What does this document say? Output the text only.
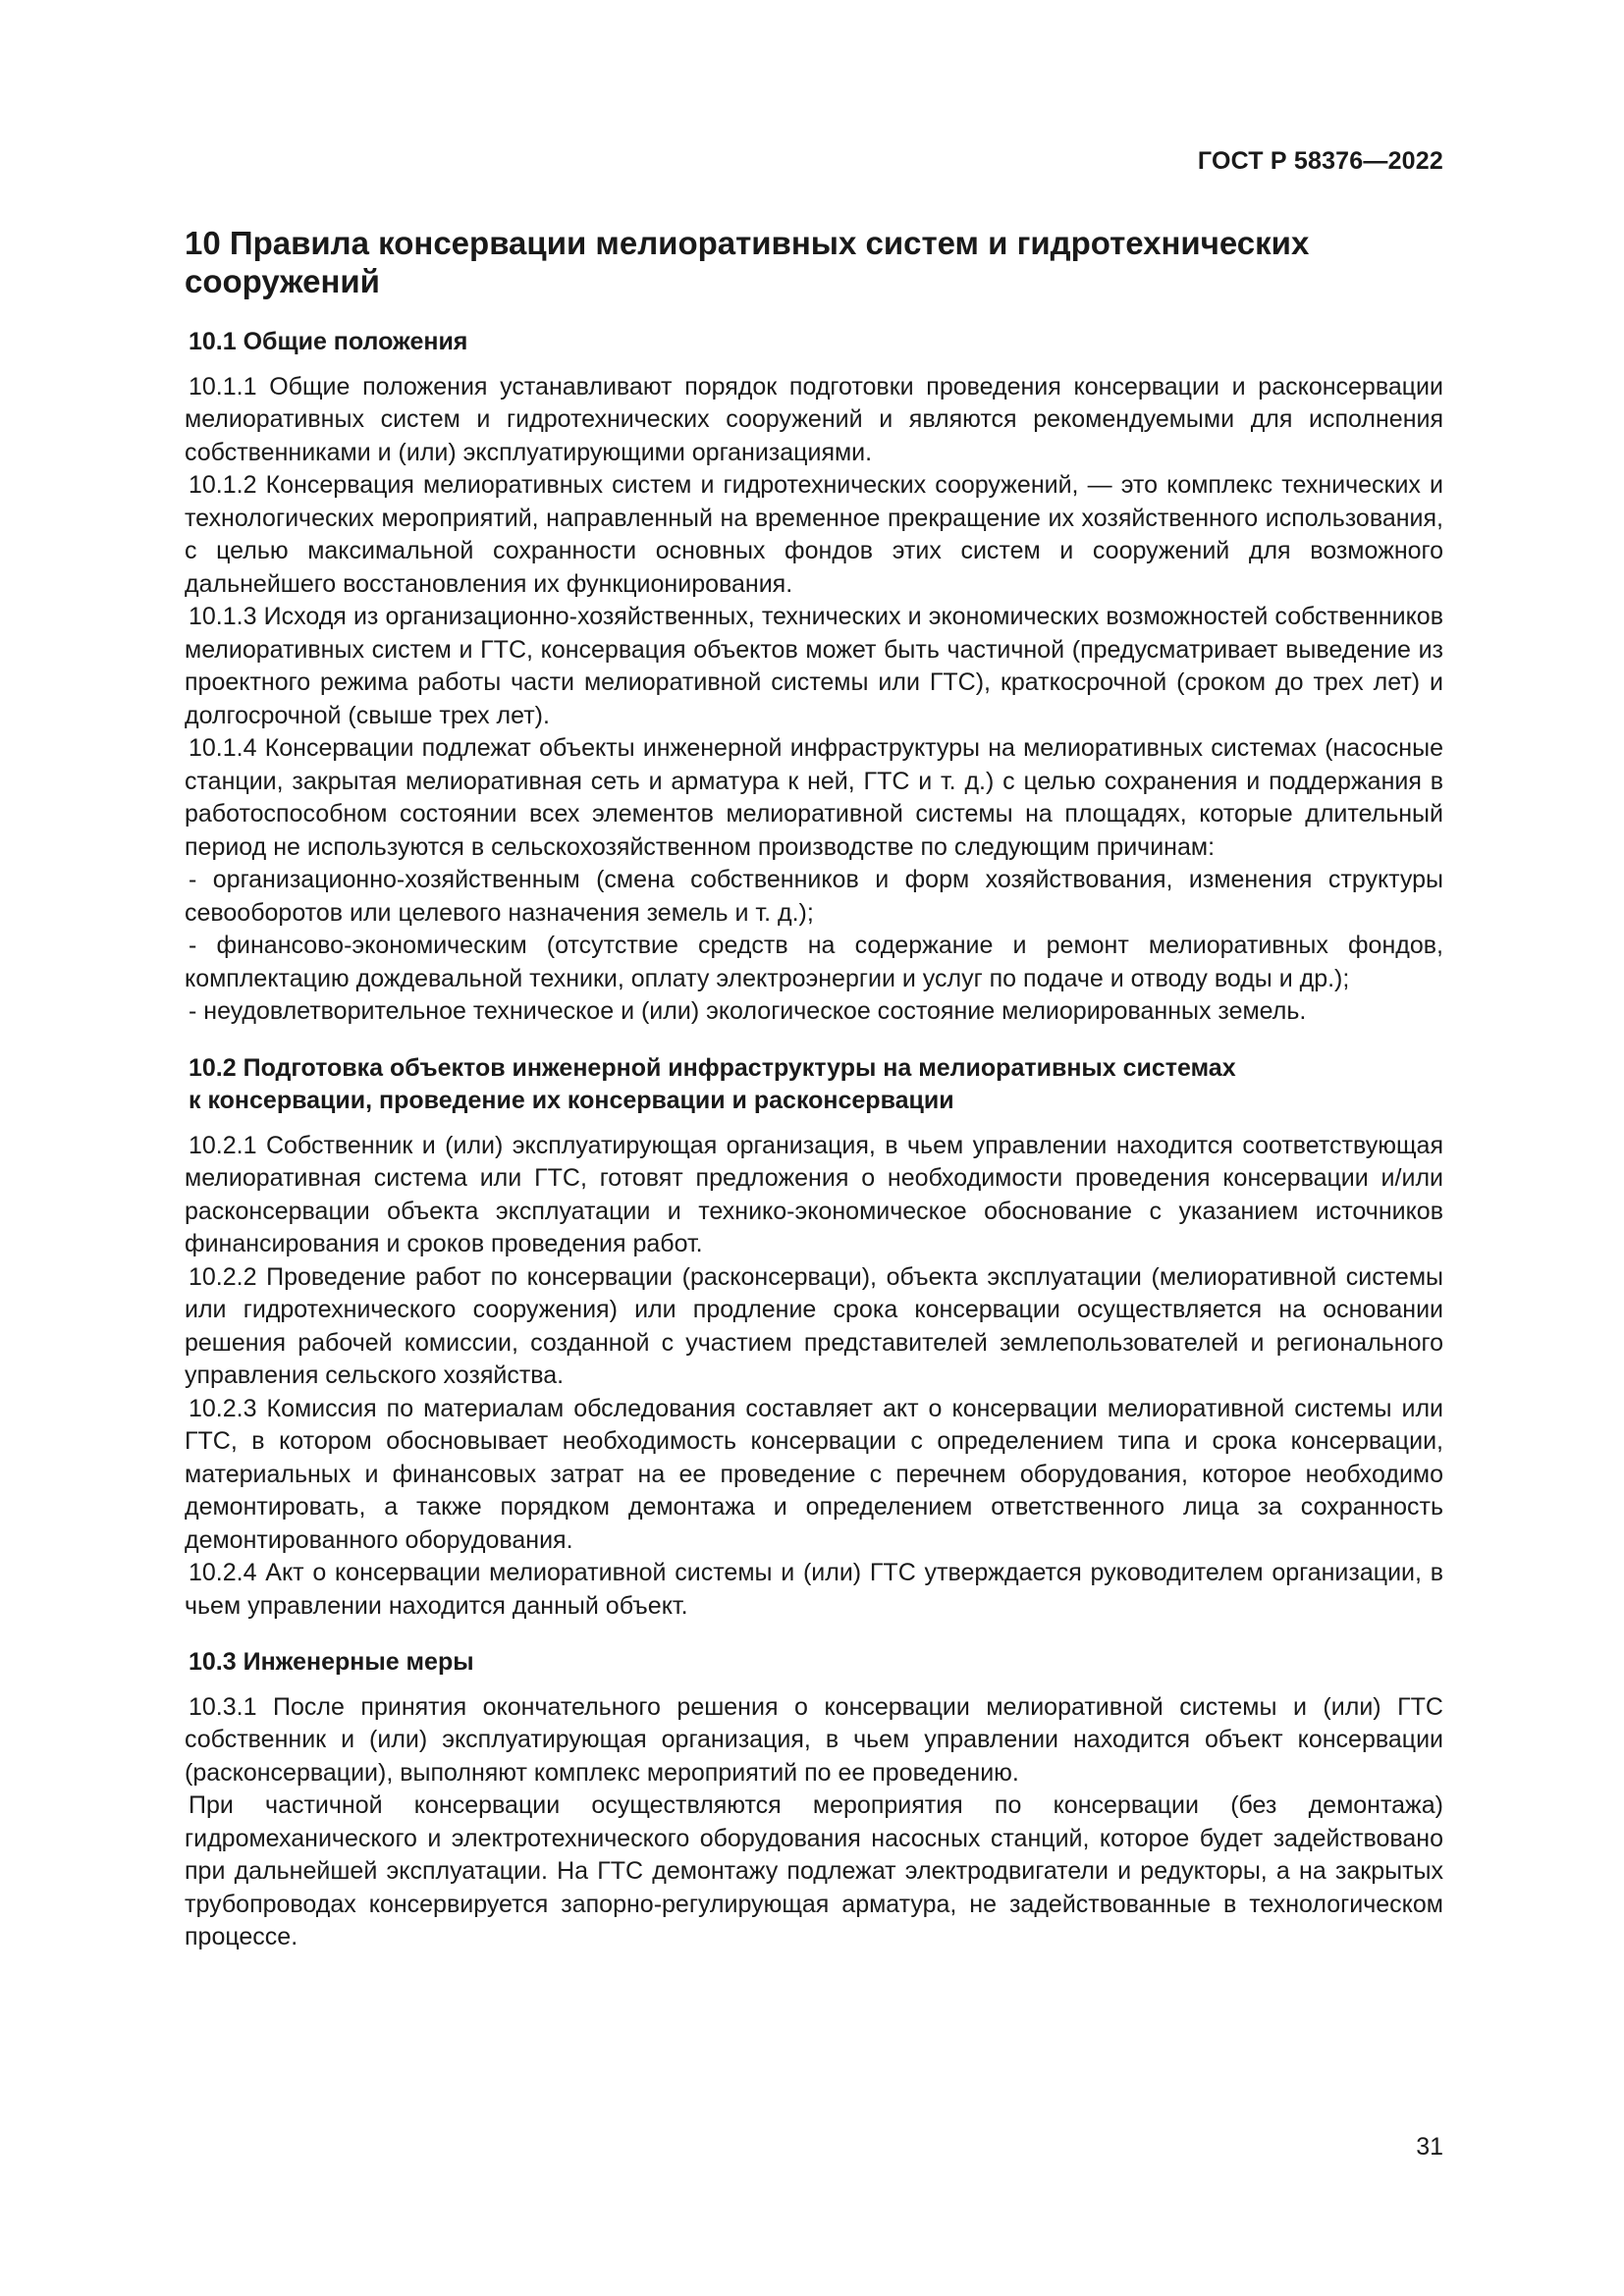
ГОСТ Р 58376—2022
10 Правила консервации мелиоративных систем и гидротехнических сооружений
10.1 Общие положения

10.1.1 Общие положения устанавливают порядок подготовки проведения консервации и расконсервации мелиоративных систем и гидротехнических сооружений и являются рекомендуемыми для исполнения собственниками и (или) эксплуатирующими организациями.

10.1.2 Консервация мелиоративных систем и гидротехнических сооружений, — это комплекс технических и технологических мероприятий, направленный на временное прекращение их хозяйственного использования, с целью максимальной сохранности основных фондов этих систем и сооружений для возможного дальнейшего восстановления их функционирования.

10.1.3 Исходя из организационно-хозяйственных, технических и экономических возможностей собственников мелиоративных систем и ГТС, консервация объектов может быть частичной (предусматривает выведение из проектного режима работы части мелиоративной системы или ГТС), краткосрочной (сроком до трех лет) и долгосрочной (свыше трех лет).

10.1.4 Консервации подлежат объекты инженерной инфраструктуры на мелиоративных системах (насосные станции, закрытая мелиоративная сеть и арматура к ней, ГТС и т. д.) с целью сохранения и поддержания в работоспособном состоянии всех элементов мелиоративной системы на площадях, которые длительный период не используются в сельскохозяйственном производстве по следующим причинам:

- организационно-хозяйственным (смена собственников и форм хозяйствования, изменения структуры севооборотов или целевого назначения земель и т. д.);

- финансово-экономическим (отсутствие средств на содержание и ремонт мелиоративных фондов, комплектацию дождевальной техники, оплату электроэнергии и услуг по подаче и отводу воды и др.);

- неудовлетворительное техническое и (или) экологическое состояние мелиорированных земель.

10.2 Подготовка объектов инженерной инфраструктуры на мелиоративных системах
к консервации, проведение их консервации и расконсервации

10.2.1 Собственник и (или) эксплуатирующая организация, в чьем управлении находится соответствующая мелиоративная система или ГТС, готовят предложения о необходимости проведения консервации и/или расконсервации объекта эксплуатации и технико-экономическое обоснование с указанием источников финансирования и сроков проведения работ.

10.2.2 Проведение работ по консервации (расконсерваци), объекта эксплуатации (мелиоративной системы или гидротехнического сооружения) или продление срока консервации осуществляется на основании решения рабочей комиссии, созданной с участием представителей землепользователей и регионального управления сельского хозяйства.

10.2.3 Комиссия по материалам обследования составляет акт о консервации мелиоративной системы или ГТС, в котором обосновывает необходимость консервации с определением типа и срока консервации, материальных и финансовых затрат на ее проведение с перечнем оборудования, которое необходимо демонтировать, а также порядком демонтажа и определением ответственного лица за сохранность демонтированного оборудования.

10.2.4 Акт о консервации мелиоративной системы и (или) ГТС утверждается руководителем организации, в чьем управлении находится данный объект.

10.3 Инженерные меры

10.3.1 После принятия окончательного решения о консервации мелиоративной системы и (или) ГТС собственник и (или) эксплуатирующая организация, в чьем управлении находится объект консервации (расконсервации), выполняют комплекс мероприятий по ее проведению.

При частичной консервации осуществляются мероприятия по консервации (без демонтажа) гидромеханического и электротехнического оборудования насосных станций, которое будет задействовано при дальнейшей эксплуатации. На ГТС демонтажу подлежат электродвигатели и редукторы, а на закрытых трубопроводах консервируется запорно-регулирующая арматура, не задействованные в технологическом процессе.

31
